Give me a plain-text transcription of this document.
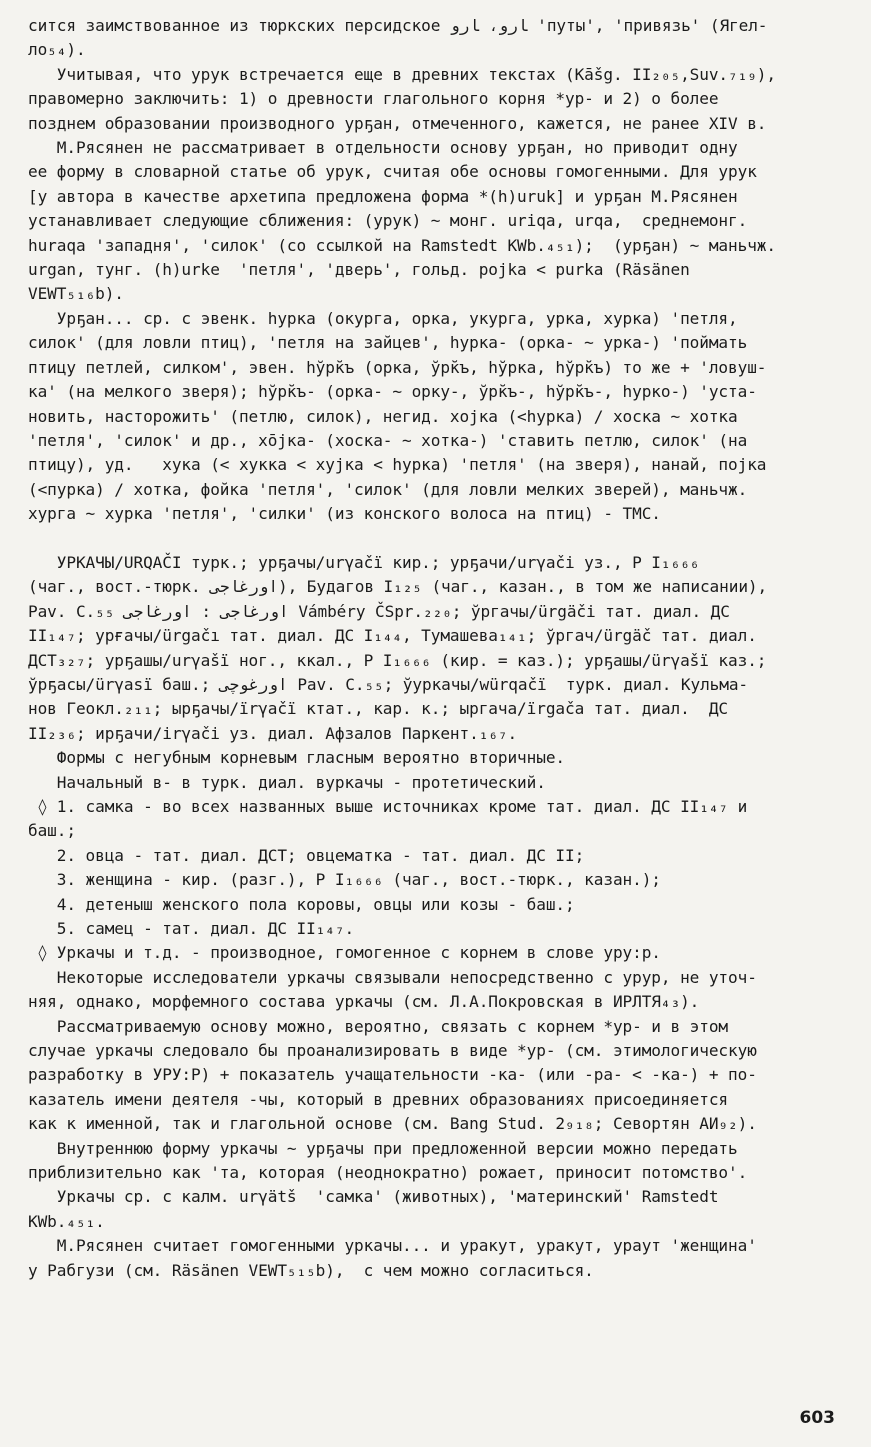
сится заимствованное из тюркских персидское ﺎﺭﻭ، ﺎﺭﻭ 'путы', 'привязь' (Ягел-
ло₅₄).
Учитывая, что урук встречается еще в древних текстах (Kāšg. II₂₀₅,Suv.₇₁₉),
правомерно заключить: 1) о древности глагольного корня *ур- и 2) о более
позднем образовании производного урҕан, отмеченного, кажется, не ранее XIV в.
М.Рясянен не рассматривает в отдельности основу урҕан, но приводит одну
ее форму в словарной статье об урук, считая обе основы гомогенными. Для урук
[у автора в качестве архетипа предложена форма *(h)uruk] и урҕан М.Рясянен
устанавливает следующие сближения: (урук) ~ монг. uriqa, urqa,  среднемонг.
huraqa 'западня', 'силок' (со ссылкой на Ramstedt KWb.₄₅₁);  (урҕан) ~ маньчж.
urgan, тунг. (h)urke  'петля', 'дверь', гольд. pojka < purka (Räsänen
VEWT₅₁₆b).
Урҕан... ср. с эвенк. hурка (окурга, орка, укурга, урка, хурка) 'петля,
силок' (для ловли птиц), 'петля на зайцев', hурка- (орка- ~ урка-) 'поймать
птицу петлей, силком', эвен. hўрк̆ъ (орка, ўрк̆ъ, hўрка, hўрк̆ъ) то же + 'ловуш-
ка' (на мелкого зверя); hўрк̆ъ- (орка- ~ орку-, ўрк̆ъ-, hўрк̆ъ-, hурко-) 'уста-
новить, насторожить' (петлю, силок), негид. хоjка (<hурка) / хоска ~ хотка
'петля', 'силок' и др., хōjка- (хоска- ~ хотка-) 'ставить петлю, силок' (на
птицу), уд.   хука (< хукка < хуjка < hурка) 'петля' (на зверя), нанай, поjка
(<пурка) / хотка, фойка 'петля', 'силок' (для ловли мелких зверей), маньчж.
хурга ~ хурка 'петля', 'силки' (из конского волоса на птиц) - ТМС.
УРКАЧЫ/URQAČI турк.; урҕачы/urγačï кир.; урҕачи/urγači уз., P I₁₆₆₆
(чаг., вост.-тюрк. اورغاجی), Будагов I₁₂₅ (чаг., казан., в том же написании),
Pav. C.₅₅ اورغاجی : اورغاجی Vámbéry ČSpr.₂₂₀; ўргачы/ürgäči тат. диал. ДС
II₁₄₇; урғачы/ürgačı тат. диал. ДС I₁₄₄, Тумашева₁₄₁; ўргач/ürgäč тат. диал.
ДСТ₃₂₇; урҕашы/urγašï ног., ккал., P I₁₆₆₆ (кир. = каз.); урҕашы/ürγašï каз.;
ўрҕасы/ürγasï баш.; اورغوچی Pav. C.₅₅; ўуркачы/würqačï  турк. диал. Кульма-
нов Геокл.₂₁₁; ырҕачы/ïrγačï ктат., кар. к.; ыргача/ïrgača тат. диал.  ДС
II₂₃₆; ирҕачи/irγači уз. диал. Афзалов Паркент.₁₆₇.
Формы с негубным корневым гласным вероятно вторичные.
Начальный в- в турк. диал. вуркачы - протетический.
◊ 1. самка - во всех названных выше источниках кроме тат. диал. ДС II₁₄₇ и
баш.;
2. овца - тат. диал. ДСТ; овцематка - тат. диал. ДС II;
3. женщина - кир. (разг.), P I₁₆₆₆ (чаг., вост.-тюрк., казан.);
4. детеныш женского пола коровы, овцы или козы - баш.;
5. самец - тат. диал. ДС II₁₄₇.
◊ Уркачы и т.д. - производное, гомогенное с корнем в слове уру:р.
Некоторые исследователи уркачы связывали непосредственно с урур, не уточ-
няя, однако, морфемного состава уркачы (см. Л.А.Покровская в ИРЛТЯ₄₃).
Рассматриваемую основу можно, вероятно, связать с корнем *ур- и в этом
случае уркачы следовало бы проанализировать в виде *ур- (см. этимологическую
разработку в УРУ:Р) + показатель учащательности -ка- (или -ра- < -ка-) + по-
казатель имени деятеля -чы, который в древних образованиях присоединяется
как к именной, так и глагольной основе (см. Bang Stud. 2₉₁₈; Севортян АИ₉₂).
Внутреннюю форму уркачы ~ урҕачы при предложенной версии можно передать
приблизительно как 'та, которая (неоднократно) рожает, приносит потомство'.
Уркачы ср. с калм. urγätš  'самка' (животных), 'материнский' Ramstedt
KWb.₄₅₁.
М.Рясянен считает гомогенными уркачы... и уракут, уракут, ураут 'женщина'
у Рабгузи (см. Räsänen VEWT₅₁₅b),  с чем можно согласиться.
603
